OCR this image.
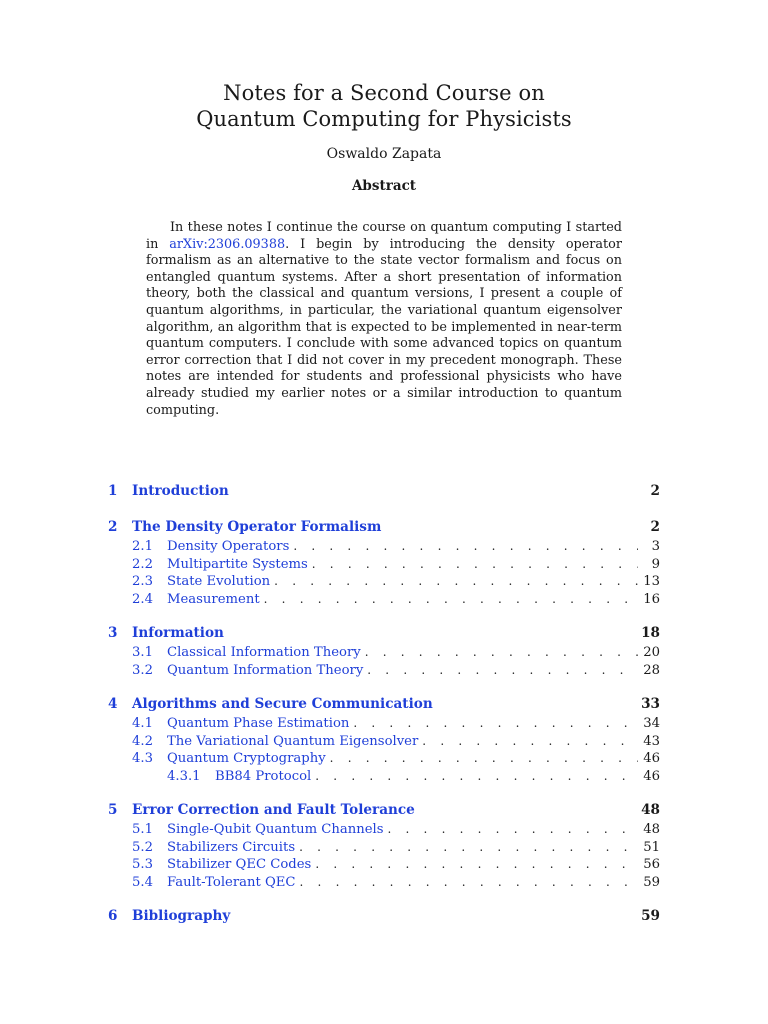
Notes for a Second Course on
Quantum Computing for Physicists
Oswaldo Zapata
Abstract
In these notes I continue the course on quantum computing I started in arXiv:2306.09388. I begin by introducing the density operator formalism as an alternative to the state vector formalism and focus on entangled quantum systems. After a short presentation of information theory, both the classical and quantum versions, I present a couple of quantum algorithms, in particular, the variational quantum eigensolver algorithm, an algorithm that is expected to be implemented in near-term quantum computers. I conclude with some advanced topics on quantum error correction that I did not cover in my precedent monograph. These notes are intended for students and professional physicists who have already studied my earlier notes or a similar introduction to quantum computing.
1 Introduction	2
2 The Density Operator Formalism	2
2.1 Density Operators . . .	3
2.2 Multipartite Systems . . .	9
2.3 State Evolution . . .	13
2.4 Measurement . . .	16
3 Information	18
3.1 Classical Information Theory . . .	20
3.2 Quantum Information Theory . . .	28
4 Algorithms and Secure Communication	33
4.1 Quantum Phase Estimation . . .	34
4.2 The Variational Quantum Eigensolver . . .	43
4.3 Quantum Cryptography . . .	46
4.3.1 BB84 Protocol . . .	46
5 Error Correction and Fault Tolerance	48
5.1 Single-Qubit Quantum Channels . . .	48
5.2 Stabilizers Circuits . . .	51
5.3 Stabilizer QEC Codes . . .	56
5.4 Fault-Tolerant QEC . . .	59
6 Bibliography	59
